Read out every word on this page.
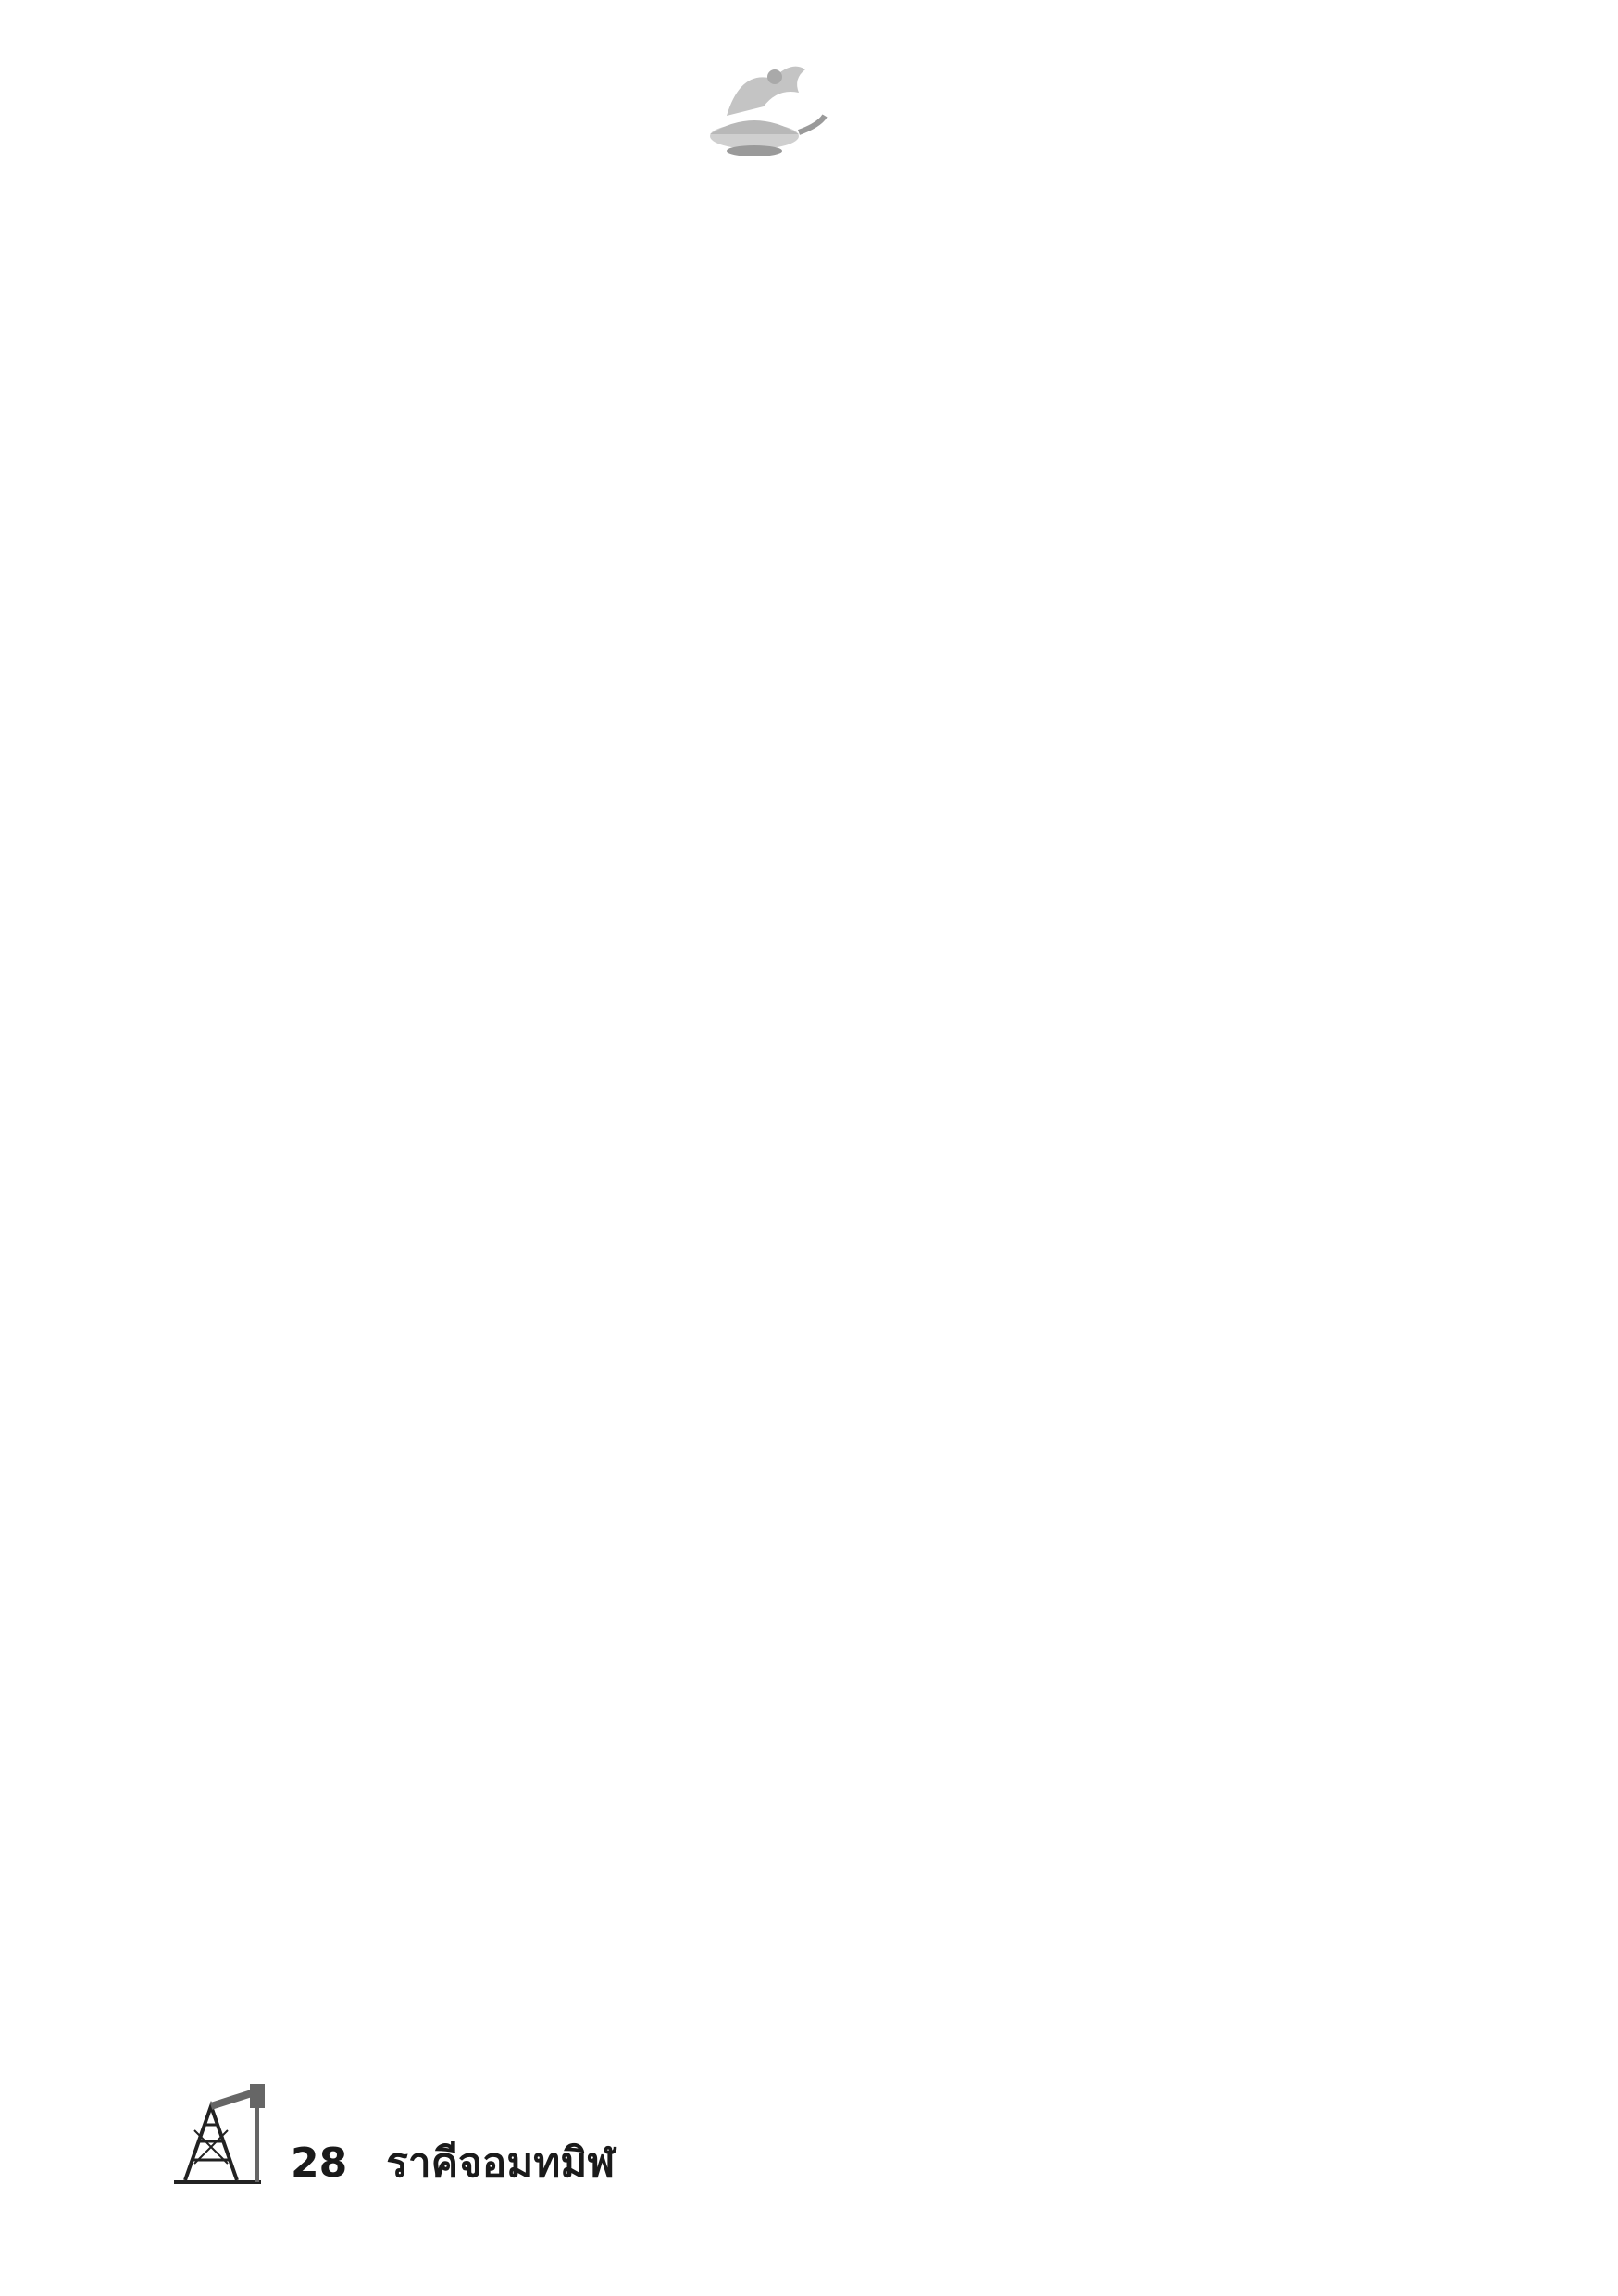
28 ราคีจอมทมิฬ
